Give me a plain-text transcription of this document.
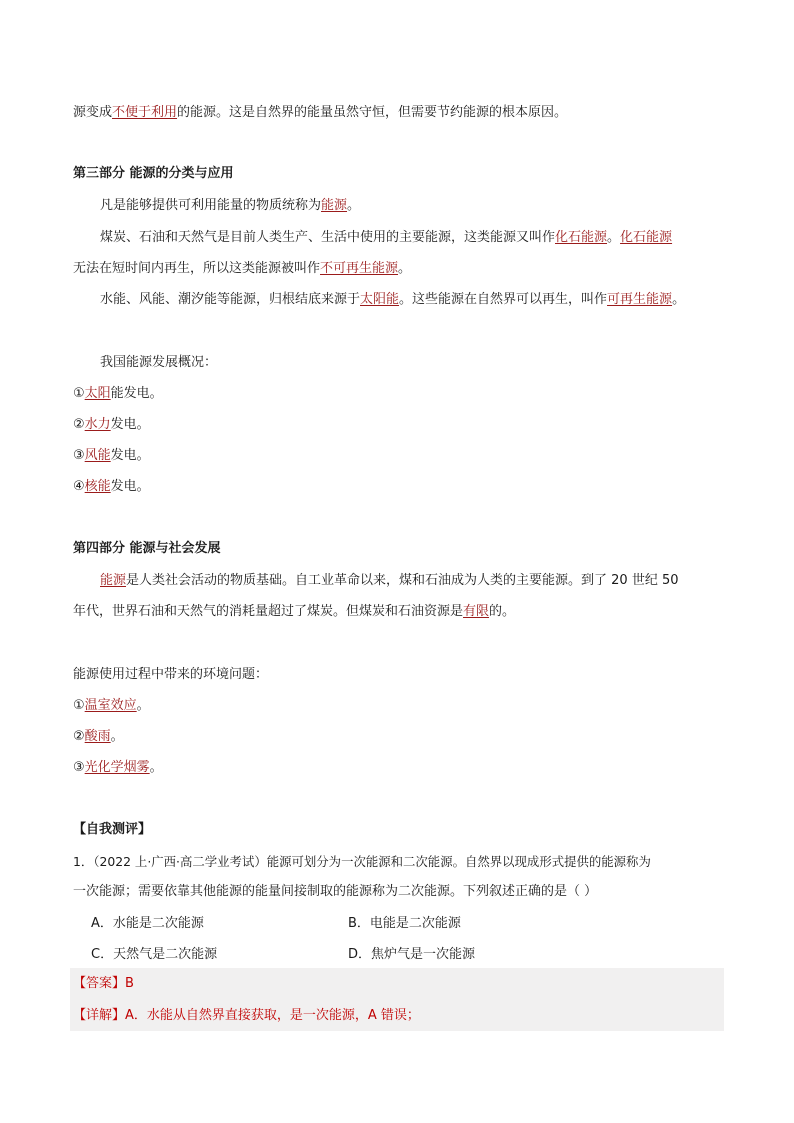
源变成不便于利用的能源。这是自然界的能量虽然守恒，但需要节约能源的根本原因。
第三部分 能源的分类与应用
凡是能够提供可利用能量的物质统称为能源。
煤炭、石油和天然气是目前人类生产、生活中使用的主要能源，这类能源又叫作化石能源。化石能源
无法在短时间内再生，所以这类能源被叫作不可再生能源。
水能、风能、潮汐能等能源，归根结底来源于太阳能。这些能源在自然界可以再生，叫作可再生能源。
我国能源发展概况：
①太阳能发电。
②水力发电。
③风能发电。
④核能发电。
第四部分 能源与社会发展
能源是人类社会活动的物质基础。自工业革命以来，煤和石油成为人类的主要能源。到了 20 世纪 50
年代，世界石油和天然气的消耗量超过了煤炭。但煤炭和石油资源是有限的。
能源使用过程中带来的环境问题：
①温室效应。
②酸雨。
③光化学烟雾。
【自我测评】
1．（2022 上·广西·高二学业考试）能源可划分为一次能源和二次能源。自然界以现成形式提供的能源称为
一次能源；需要依靠其他能源的能量间接制取的能源称为二次能源。下列叙述正确的是（ ）
A．水能是二次能源	B．电能是二次能源
C．天然气是二次能源	D．焦炉气是一次能源
【答案】B
【详解】A．水能从自然界直接获取，是一次能源，A 错误；
